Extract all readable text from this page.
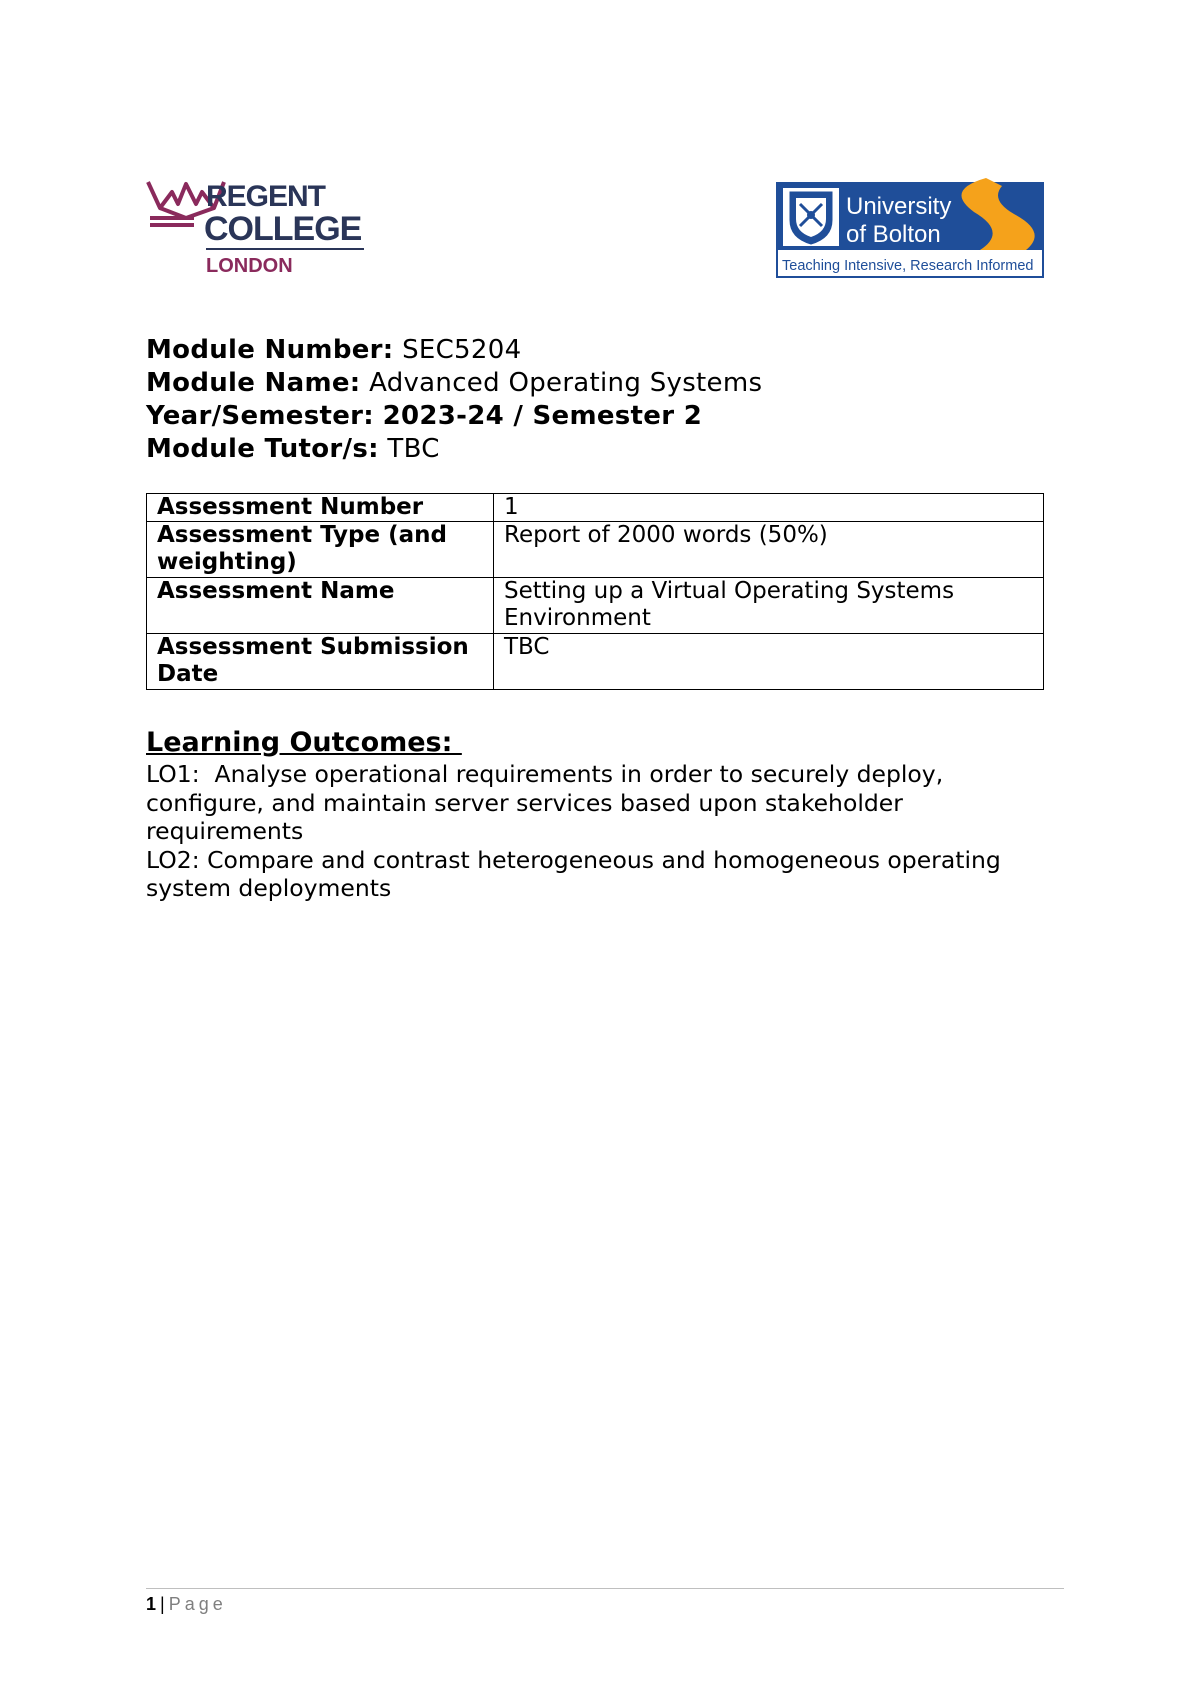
REGENT
COLLEGE
LONDON
University
of Bolton
Teaching Intensive, Research Informed
Module Number: SEC5204
Module Name: Advanced Operating Systems
Year/Semester: 2023-24 / Semester 2
Module Tutor/s: TBC
Assessment Number	1
Assessment Type (and weighting)	Report of 2000 words (50%)
Assessment Name	Setting up a Virtual Operating Systems Environment
Assessment Submission Date	TBC
Learning Outcomes:
LO1:  Analyse operational requirements in order to securely deploy, configure, and maintain server services based upon stakeholder requirements
LO2: Compare and contrast heterogeneous and homogeneous operating system deployments
1 | Page
